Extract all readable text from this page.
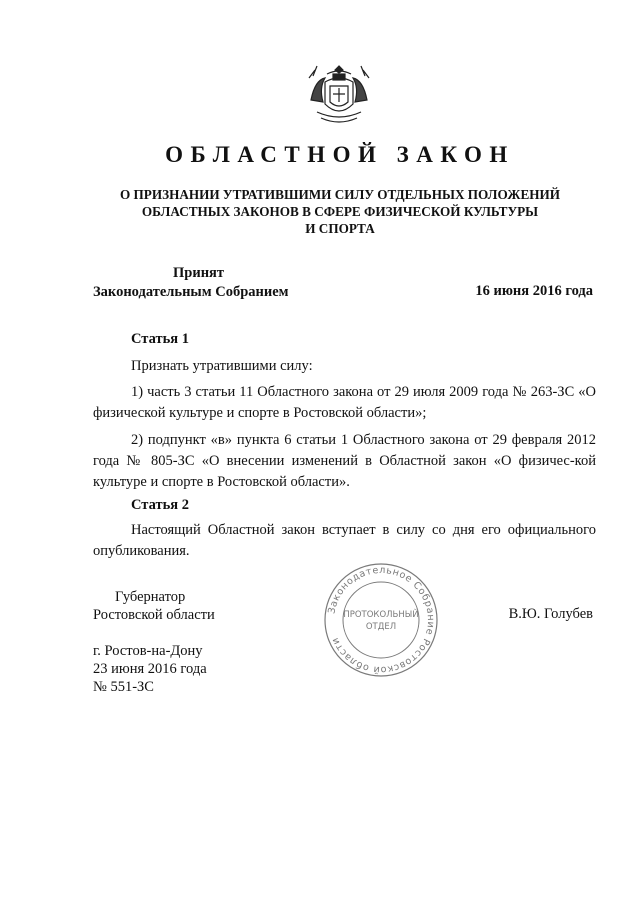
ОБЛАСТНОЙ ЗАКОН
О ПРИЗНАНИИ УТРАТИВШИМИ СИЛУ ОТДЕЛЬНЫХ ПОЛОЖЕНИЙ
ОБЛАСТНЫХ ЗАКОНОВ В СФЕРЕ ФИЗИЧЕСКОЙ КУЛЬТУРЫ
И СПОРТА
Принят
Законодательным Собранием	16 июня 2016 года
Статья 1

Признать утратившими силу:

1) часть 3 статьи 11 Областного закона от 29 июля 2009 года № 263-ЗС «О физической культуре и спорте в Ростовской области»;

2) подпункт «в» пункта 6 статьи 1 Областного закона от 29 февраля 2012 года № 805-ЗС «О внесении изменений в Областной закон «О физичес-кой культуре и спорте в Ростовской области».

Статья 2

Настоящий Областной закон вступает в силу со дня его официального опубликования.

Губернатор
Ростовской области	Законодательное Собрание Ростовской области
ПРОТОКОЛЬНЫЙ
ОТДЕЛ
В.Ю. Голубев
г. Ростов-на-Дону
23 июня 2016 года
№ 551-ЗС
